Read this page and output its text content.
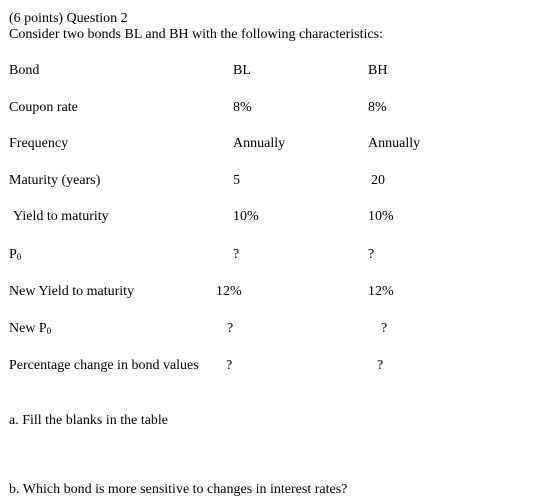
(6 points) Question 2
Consider two bonds BL and BH with the following characteristics:
Bond	BL	BH
Coupon rate	8%	8%
Frequency	Annually	Annually
Maturity (years)	5	20
Yield to maturity	10%	10%
P0	?	?
New Yield to maturity	12%	12%
New P0	?	?
Percentage change in bond values ?	?
a. Fill the blanks in the table
b. Which bond is more sensitive to changes in interest rates?
